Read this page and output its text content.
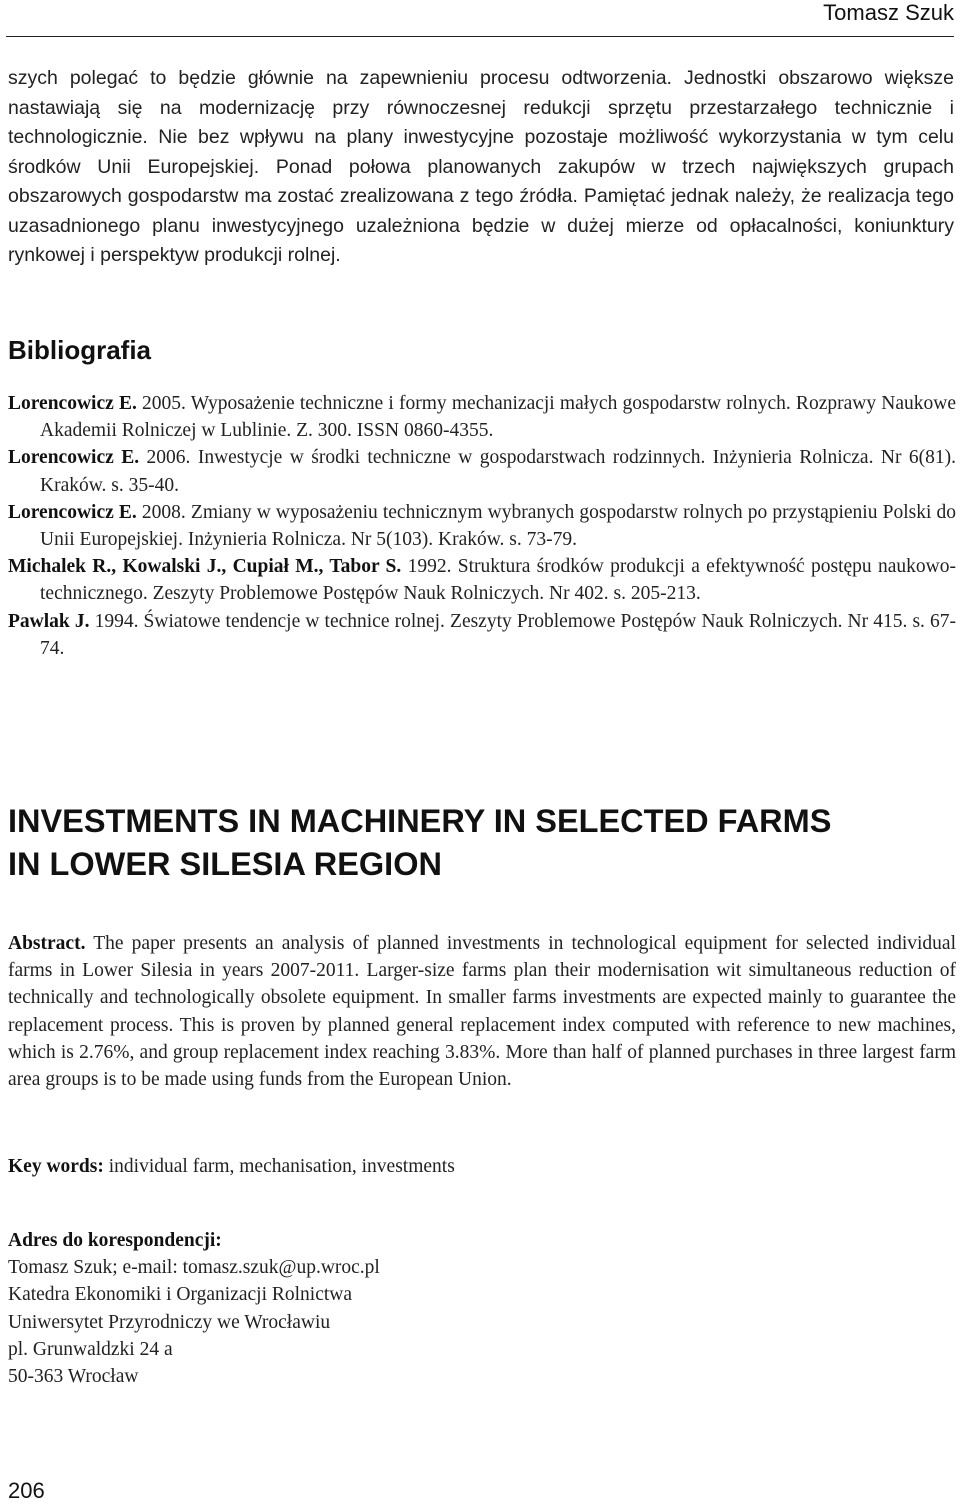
Tomasz Szuk
szych polegać to będzie głównie na zapewnieniu procesu odtworzenia. Jednostki obszarowo większe nastawiają się na modernizację przy równoczesnej redukcji sprzętu przestarzałego technicznie i technologicznie. Nie bez wpływu na plany inwestycyjne pozostaje możliwość wykorzystania w tym celu środków Unii Europejskiej. Ponad połowa planowanych zakupów w trzech największych grupach obszarowych gospodarstw ma zostać zrealizowana z tego źródła. Pamiętać jednak należy, że realizacja tego uzasadnionego planu inwestycyjnego uzależniona będzie w dużej mierze od opłacalności, koniunktury rynkowej i perspektyw produkcji rolnej.
Bibliografia

Lorencowicz E. 2005. Wyposażenie techniczne i formy mechanizacji małych gospodarstw rolnych. Rozprawy Naukowe Akademii Rolniczej w Lublinie. Z. 300. ISSN 0860-4355.

Lorencowicz E. 2006. Inwestycje w środki techniczne w gospodarstwach rodzinnych. Inżynieria Rolnicza. Nr 6(81). Kraków. s. 35-40.

Lorencowicz E. 2008. Zmiany w wyposażeniu technicznym wybranych gospodarstw rolnych po przystąpieniu Polski do Unii Europejskiej. Inżynieria Rolnicza. Nr 5(103). Kraków. s. 73-79.

Michalek R., Kowalski J., Cupiał M., Tabor S. 1992. Struktura środków produkcji a efektywność postępu naukowo-technicznego. Zeszyty Problemowe Postępów Nauk Rolniczych. Nr 402. s. 205-213.

Pawlak J. 1994. Światowe tendencje w technice rolnej. Zeszyty Problemowe Postępów Nauk Rolniczych. Nr 415. s. 67-74.

INVESTMENTS IN MACHINERY IN SELECTED FARMS
IN LOWER SILESIA REGION
Abstract. The paper presents an analysis of planned investments in technological equipment for selected individual farms in Lower Silesia in years 2007-2011. Larger-size farms plan their modernisation wit simultaneous reduction of technically and technologically obsolete equipment. In smaller farms investments are expected mainly to guarantee the replacement process. This is proven by planned general replacement index computed with reference to new machines, which is 2.76%, and group replacement index reaching 3.83%. More than half of planned purchases in three largest farm area groups is to be made using funds from the European Union.
Key words: individual farm, mechanisation, investments
Adres do korespondencji:
Tomasz Szuk; e-mail: tomasz.szuk@up.wroc.pl
Katedra Ekonomiki i Organizacji Rolnictwa
Uniwersytet Przyrodniczy we Wrocławiu
pl. Grunwaldzki 24 a
50-363 Wrocław
206
